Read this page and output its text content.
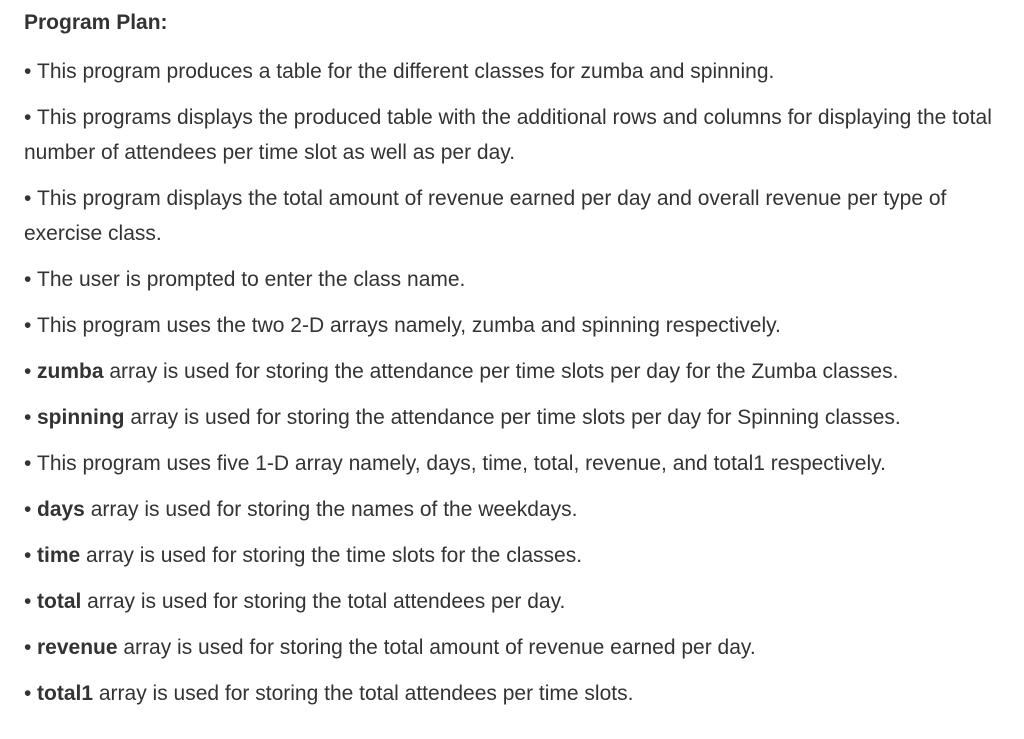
Program Plan:
• This program produces a table for the different classes for zumba and spinning.
• This programs displays the produced table with the additional rows and columns for displaying the total number of attendees per time slot as well as per day.
• This program displays the total amount of revenue earned per day and overall revenue per type of exercise class.
• The user is prompted to enter the class name.
• This program uses the two 2-D arrays namely, zumba and spinning respectively.
• zumba array is used for storing the attendance per time slots per day for the Zumba classes.
• spinning array is used for storing the attendance per time slots per day for Spinning classes.
• This program uses five 1-D array namely, days, time, total, revenue, and total1 respectively.
• days array is used for storing the names of the weekdays.
• time array is used for storing the time slots for the classes.
• total array is used for storing the total attendees per day.
• revenue array is used for storing the total amount of revenue earned per day.
• total1 array is used for storing the total attendees per time slots.
